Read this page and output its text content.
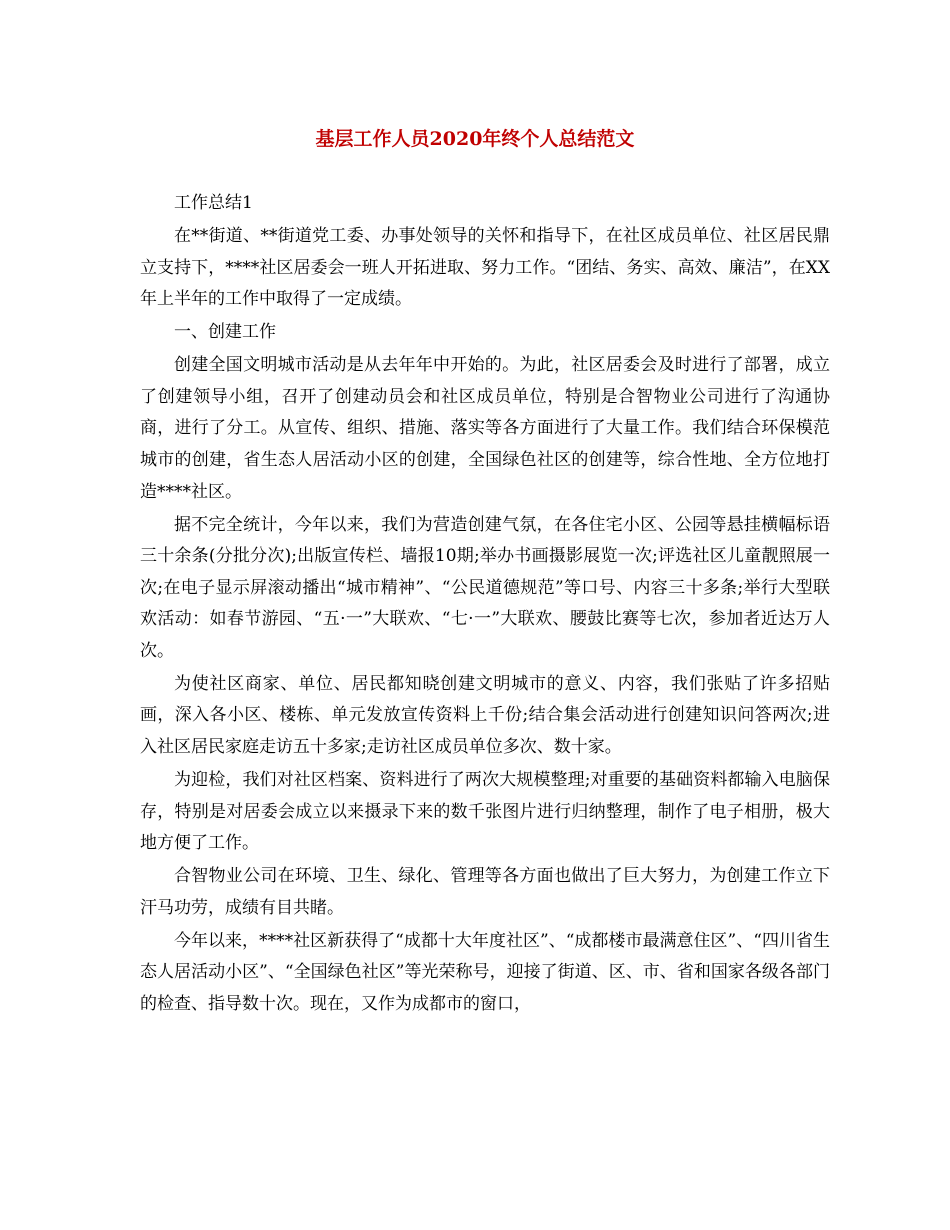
基层工作人员2020年终个人总结范文

工作总结1

在**街道、**街道党工委、办事处领导的关怀和指导下，在社区成员单位、社区居民鼎立支持下，****社区居委会一班人开拓进取、努力工作。“团结、务实、高效、廉洁”，在XX年上半年的工作中取得了一定成绩。

一、创建工作

创建全国文明城市活动是从去年年中开始的。为此，社区居委会及时进行了部署，成立了创建领导小组，召开了创建动员会和社区成员单位，特别是合智物业公司进行了沟通协商，进行了分工。从宣传、组织、措施、落实等各方面进行了大量工作。我们结合环保模范城市的创建，省生态人居活动小区的创建，全国绿色社区的创建等，综合性地、全方位地打造****社区。

据不完全统计，今年以来，我们为营造创建气氛，在各住宅小区、公园等悬挂横幅标语三十余条(分批分次);出版宣传栏、墙报10期;举办书画摄影展览一次;评选社区儿童靓照展一次;在电子显示屏滚动播出“城市精神”、“公民道德规范”等口号、内容三十多条;举行大型联欢活动：如春节游园、“五·一”大联欢、“七·一”大联欢、腰鼓比赛等七次，参加者近达万人次。

为使社区商家、单位、居民都知晓创建文明城市的意义、内容，我们张贴了许多招贴画，深入各小区、楼栋、单元发放宣传资料上千份;结合集会活动进行创建知识问答两次;进入社区居民家庭走访五十多家;走访社区成员单位多次、数十家。

为迎检，我们对社区档案、资料进行了两次大规模整理;对重要的基础资料都输入电脑保存，特别是对居委会成立以来摄录下来的数千张图片进行归纳整理，制作了电子相册，极大地方便了工作。

合智物业公司在环境、卫生、绿化、管理等各方面也做出了巨大努力，为创建工作立下汗马功劳，成绩有目共睹。

今年以来，****社区新获得了“成都十大年度社区”、“成都楼市最满意住区”、“四川省生态人居活动小区”、“全国绿色社区”等光荣称号，迎接了街道、区、市、省和国家各级各部门的检查、指导数十次。现在，又作为成都市的窗口，
